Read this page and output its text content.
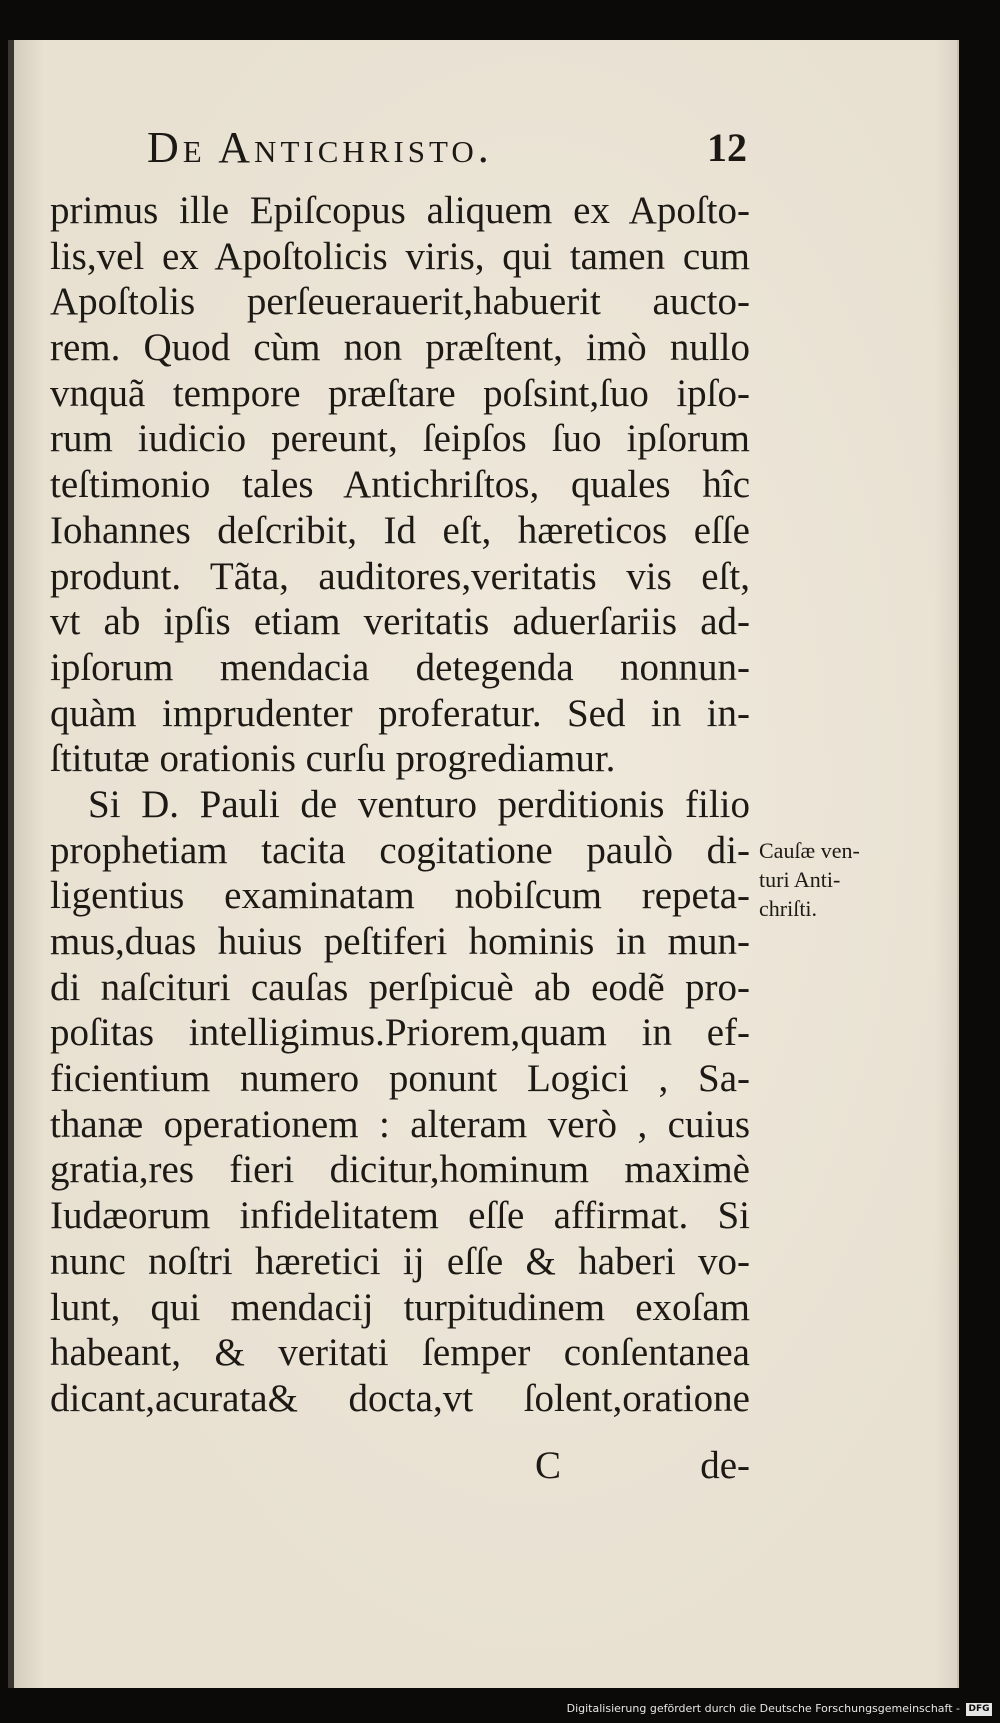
De Antichristo.	12
primus ille Epiſcopus aliquem ex Apoſto-
lis,vel ex Apoſtolicis viris, qui tamen cum
Apoſtolis perſeuerauerit,habuerit auctо-
rem. Quod cùm non præſtent, imò nullo
vnquã tempore præſtare poſsint,ſuo ipſo-
rum iudicio pereunt, ſeipſos ſuo ipſorum
teſtimonio tales Antichriſtos, quales hîc
Iohannes deſcribit, Id eſt, hæreticos eſſe
produnt. Tãta, auditores,veritatis vis eſt,
vt ab ipſis etiam veritatis aduerſariis ad-
ipſorum mendacia detegenda nonnun-
quàm imprudenter proferatur. Sed in in-
ſtitutæ orationis curſu progrediamur.
Si D. Pauli de venturo perditionis filio
prophetiam tacita cogitatione paulò di-
ligentius examinatam nobiſcum repeta-
mus,duas huius peſtiferi hominis in mun-
di naſcituri cauſas perſpicuè ab eodẽ pro-
poſitas intelligimus.Priorem,quam in ef-
ficientium numero ponunt Logici , Sa-
thanæ operationem : alteram verò , cuius
gratia,res fieri dicitur,hominum maximè
Iudæorum infidelitatem eſſe affirmat. Si
nunc noſtri hæretici ij eſſe & haberi vo-
lunt, qui mendacij turpitudinem exoſam
habeant, & veritati ſemper conſentanea
dicant,acurata& docta,vt ſolent,oratione
C	de-
Cauſæ ven-
turi Anti-
chriſti.
Digitalisierung gefördert durch die Deutsche Forschungsgemeinschaft - DFG
